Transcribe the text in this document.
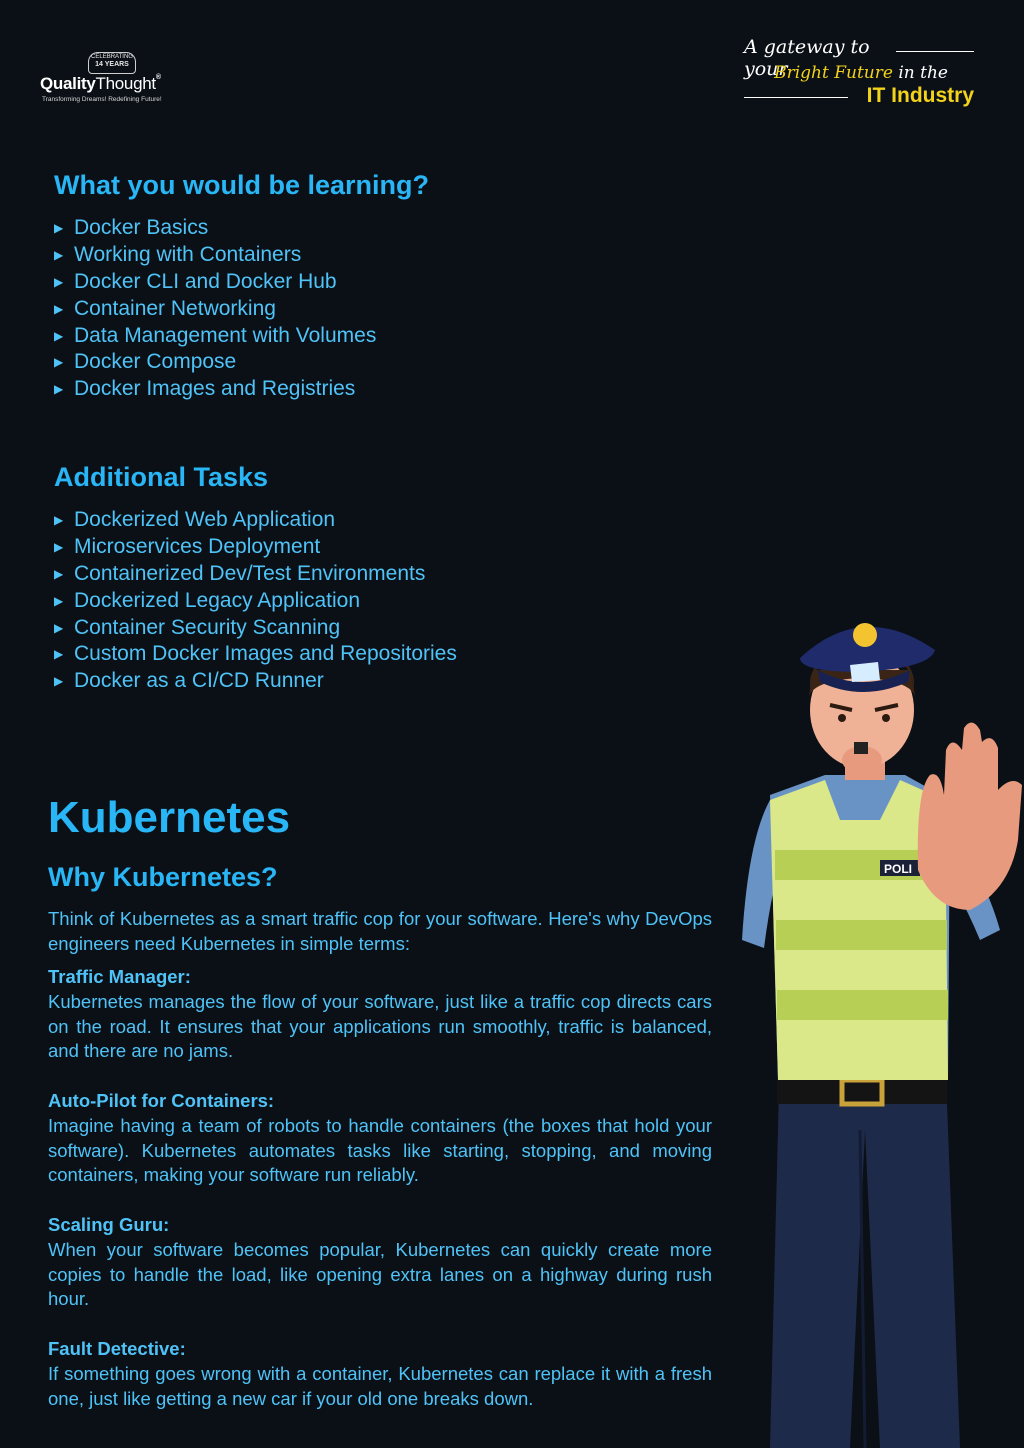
CELEBRATING
14 YEARS
QualityThought®
Transforming Dreams! Redefining Future!
A gateway to your
Bright Future in the
IT Industry
What you would be learning?
▶ Docker Basics
▶ Working with Containers
▶ Docker CLI and Docker Hub
▶ Container Networking
▶ Data Management with Volumes
▶ Docker Compose
▶ Docker Images and Registries
Additional Tasks
▶ Dockerized Web Application
▶ Microservices Deployment
▶ Containerized Dev/Test Environments
▶ Dockerized Legacy Application
▶ Container Security Scanning
▶ Custom Docker Images and Repositories
▶ Docker as a CI/CD Runner
Kubernetes
Why Kubernetes?

Think of Kubernetes as a smart traffic cop for your software. Here's why DevOps engineers need Kubernetes in simple terms:

Traffic Manager:
Kubernetes manages the flow of your software, just like a traffic cop directs cars on the road. It ensures that your applications run smoothly, traffic is balanced, and there are no jams.
Auto-Pilot for Containers:
Imagine having a team of robots to handle containers (the boxes that hold your software). Kubernetes automates tasks like starting, stopping, and moving containers, making your software run reliably.
Scaling Guru:
When your software becomes popular, Kubernetes can quickly create more copies to handle the load, like opening extra lanes on a highway during rush hour.
Fault Detective:
If something goes wrong with a container, Kubernetes can replace it with a fresh one, just like getting a new car if your old one breaks down.
POLI
